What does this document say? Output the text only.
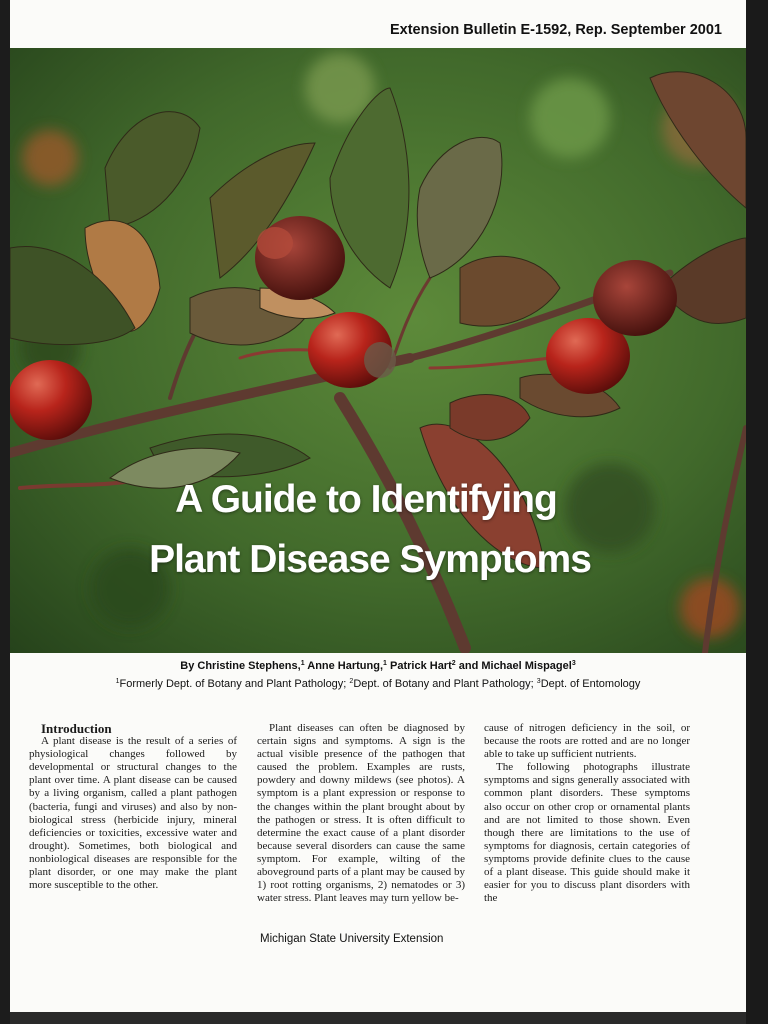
Extension Bulletin E-1592, Rep. September 2001
A Guide to Identifying
Plant Disease Symptoms
By Christine Stephens,$^1$ Anne Hartung,$^1$ Patrick Hart$^2$ and Michael Mispagel$^3$
$^1$Formerly Dept. of Botany and Plant Pathology; $^2$Dept. of Botany and Plant Pathology; $^3$Dept. of Entomology

Introduction

A plant disease is the result of a series of physiological changes followed by developmental or structural changes to the plant over time. A plant disease can be caused by a living organism, called a plant pathogen (bacteria, fungi and viruses) and also by non-biological stress (herbicide injury, mineral deficiencies or toxicities, excessive water and drought). Sometimes, both biological and nonbiological diseases are responsible for the plant disorder, or one may make the plant more susceptible to the other.

Plant diseases can often be diagnosed by certain signs and symptoms. A sign is the actual visible presence of the pathogen that caused the problem. Examples are rusts, powdery and downy mildews (see photos). A symptom is a plant expression or response to the changes within the plant brought about by the pathogen or stress. It is often difficult to determine the exact cause of a plant disorder because several disorders can cause the same symptom. For example, wilting of the aboveground parts of a plant may be caused by 1) root rotting organisms, 2) nematodes or 3) water stress. Plant leaves may turn yellow be-

cause of nitrogen deficiency in the soil, or because the roots are rotted and are no longer able to take up sufficient nutrients.

The following photographs illustrate symptoms and signs generally associated with common plant disorders. These symptoms also occur on other crop or ornamental plants and are not limited to those shown. Even though there are limitations to the use of symptoms for diagnosis, certain categories of symptoms provide definite clues to the cause of a plant disease. This guide should make it easier for you to discuss plant disorders with the

Michigan State University Extension
